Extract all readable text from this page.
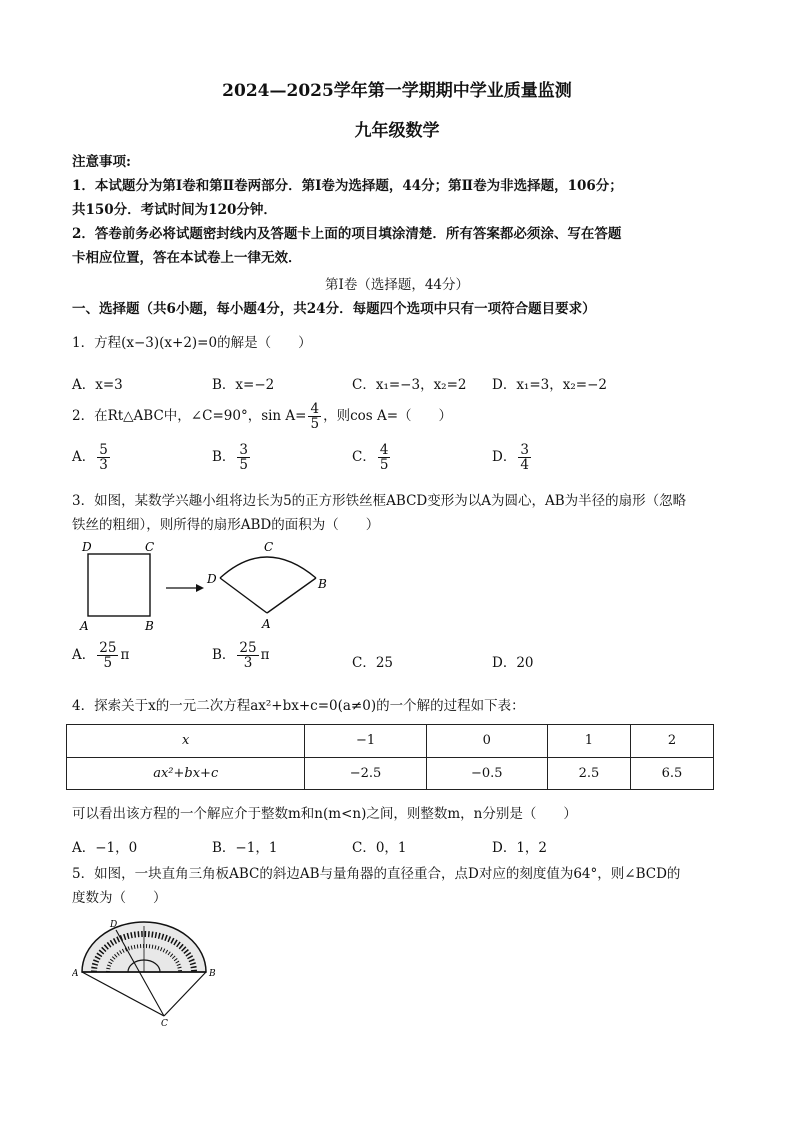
2024—2025学年第一学期期中学业质量监测
九年级数学
注意事项:
1．本试题分为第Ⅰ卷和第Ⅱ卷两部分．第Ⅰ卷为选择题，44分；第Ⅱ卷为非选择题，106分；
共150分．考试时间为120分钟．
2．答卷前务必将试题密封线内及答题卡上面的项目填涂清楚．所有答案都必须涂、写在答题
卡相应位置，答在本试卷上一律无效．
第Ⅰ卷（选择题，44分）
一、选择题（共6小题，每小题4分，共24分．每题四个选项中只有一项符合题目要求）
1．方程(x−3)(x+2)=0的解是（　　）
A．x=3	B．x=−2	C．x₁=−3，x₂=2 D．x₁=3，x₂=−2
2．在Rt△ABC中，∠C=90°，$\sin A= \frac{4}{5}$ ，则cos A=（　　）
A． $\frac{5}{3}$	B． $\frac{3}{5}$	C． $\frac{4}{5}$	D． $\frac{3}{4}$
3．如图，某数学兴趣小组将边长为5的正方形铁丝框ABCD变形为以A为圆心，AB为半径的扇形（忽略
铁丝的粗细），则所得的扇形ABD的面积为（　　）
D	C
A	B
C
D	B
A
A． $\frac{25}{5}$ π	B． $\frac{25}{3}$ π	C．25	D．20
4．探索关于x的一元二次方程ax²+bx+c=0(a≠0)的一个解的过程如下表：
x	−1	0	1	2
ax²+bx+c	−2.5	−0.5	2.5	6.5
可以看出该方程的一个解应介于整数m和n(m<n)之间，则整数m，n分别是（　　）
A．−1，0	B．−1，1	C．0，1	D．1，2
5．如图，一块直角三角板ABC的斜边AB与量角器的直径重合，点D对应的刻度值为64°，则∠BCD的
度数为（　　）
D
A	B
C
